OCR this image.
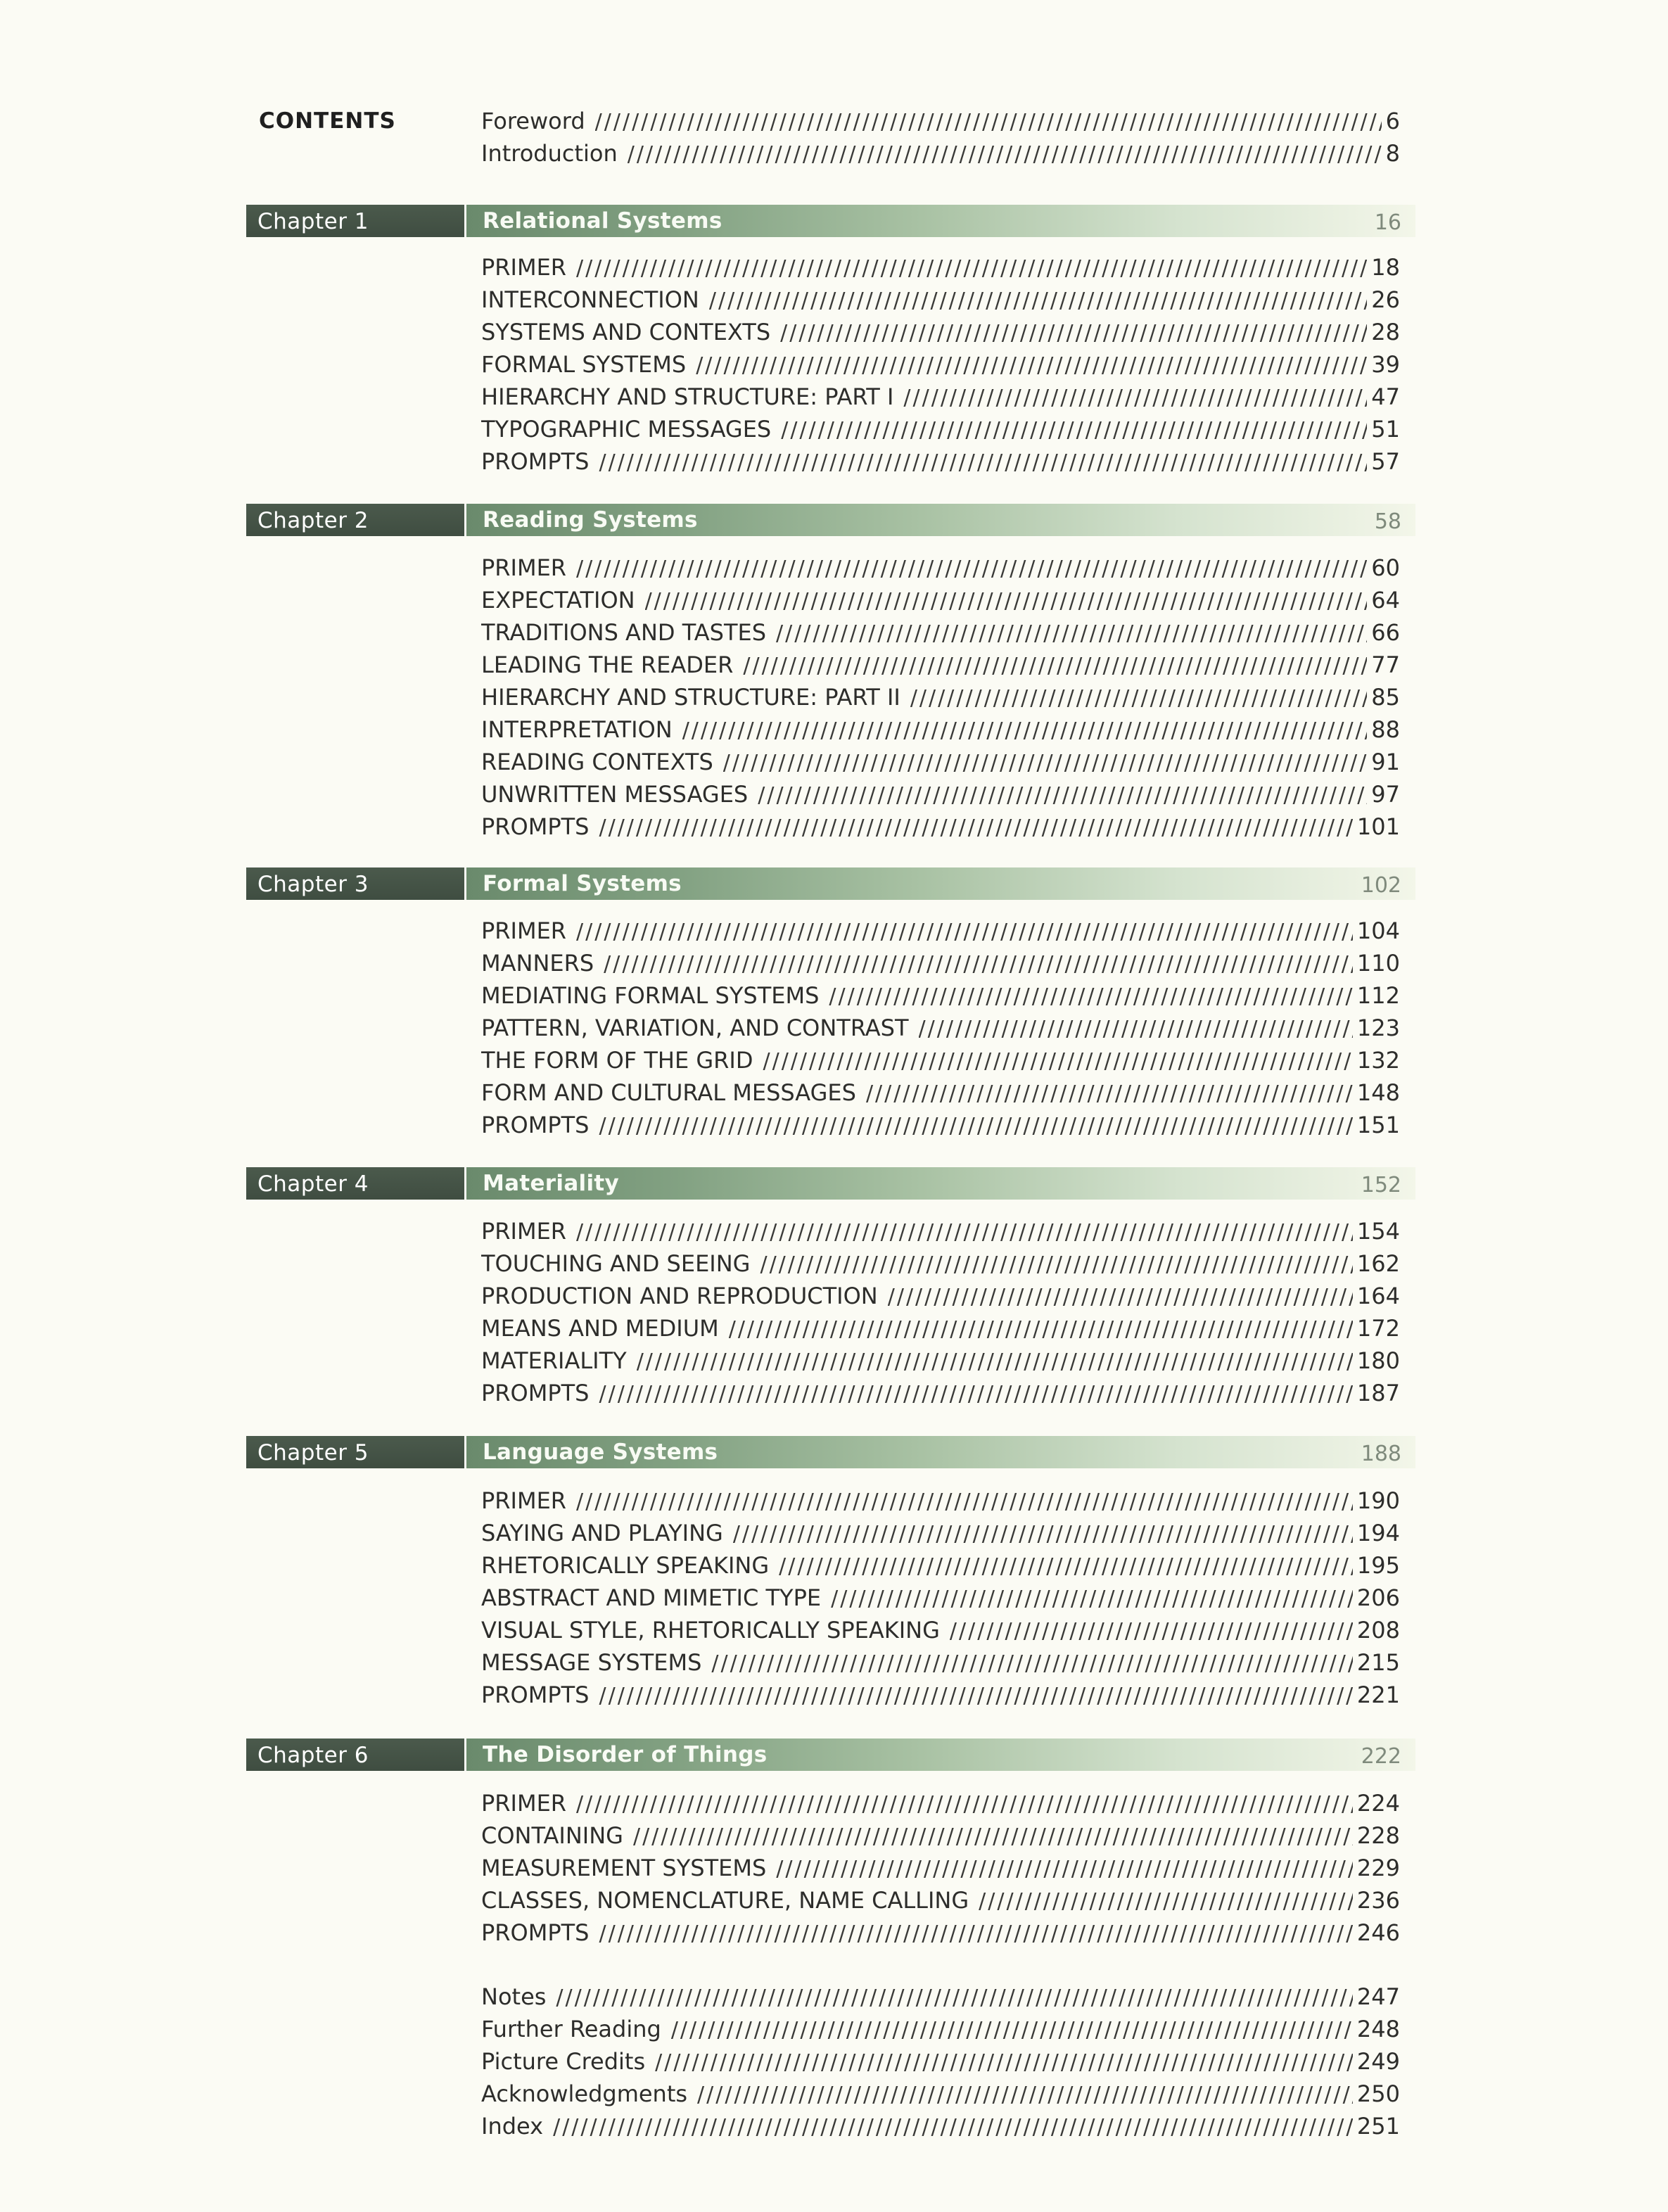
CONTENTS	Foreword ////////////////////////////////////////////////////////////////////////////////////////////////////////////////////////////////////////////////////	6
Introduction ////////////////////////////////////////////////////////////////////////////////////////////////////////////////////////////////////////////////////	8
Chapter 1	Relational Systems	16
PRIMER ////////////////////////////////////////////////////////////////////////////////////////////////////////////////////////////////////////////////////	18
INTERCONNECTION ////////////////////////////////////////////////////////////////////////////////////////////////////////////////////////////////////////////////////	26
SYSTEMS AND CONTEXTS ////////////////////////////////////////////////////////////////////////////////////////////////////////////////////////////////////////////////////	28
FORMAL SYSTEMS ////////////////////////////////////////////////////////////////////////////////////////////////////////////////////////////////////////////////////	39
HIERARCHY AND STRUCTURE: PART I ////////////////////////////////////////////////////////////////////////////////////////////////////////////////////////////////////////////////////	47
TYPOGRAPHIC MESSAGES ////////////////////////////////////////////////////////////////////////////////////////////////////////////////////////////////////////////////////	51
PROMPTS ////////////////////////////////////////////////////////////////////////////////////////////////////////////////////////////////////////////////////	57
Chapter 2	Reading Systems	58
PRIMER ////////////////////////////////////////////////////////////////////////////////////////////////////////////////////////////////////////////////////	60
EXPECTATION ////////////////////////////////////////////////////////////////////////////////////////////////////////////////////////////////////////////////////	64
TRADITIONS AND TASTES ////////////////////////////////////////////////////////////////////////////////////////////////////////////////////////////////////////////////////	66
LEADING THE READER ////////////////////////////////////////////////////////////////////////////////////////////////////////////////////////////////////////////////////	77
HIERARCHY AND STRUCTURE: PART II ////////////////////////////////////////////////////////////////////////////////////////////////////////////////////////////////////////////////////	85
INTERPRETATION ////////////////////////////////////////////////////////////////////////////////////////////////////////////////////////////////////////////////////	88
READING CONTEXTS ////////////////////////////////////////////////////////////////////////////////////////////////////////////////////////////////////////////////////	91
UNWRITTEN MESSAGES ////////////////////////////////////////////////////////////////////////////////////////////////////////////////////////////////////////////////////	97
PROMPTS ////////////////////////////////////////////////////////////////////////////////////////////////////////////////////////////////////////////////////	101
Chapter 3	Formal Systems	102
PRIMER ////////////////////////////////////////////////////////////////////////////////////////////////////////////////////////////////////////////////////	104
MANNERS ////////////////////////////////////////////////////////////////////////////////////////////////////////////////////////////////////////////////////	110
MEDIATING FORMAL SYSTEMS ////////////////////////////////////////////////////////////////////////////////////////////////////////////////////////////////////////////////////	112
PATTERN, VARIATION, AND CONTRAST ////////////////////////////////////////////////////////////////////////////////////////////////////////////////////////////////////////////////////	123
THE FORM OF THE GRID ////////////////////////////////////////////////////////////////////////////////////////////////////////////////////////////////////////////////////	132
FORM AND CULTURAL MESSAGES ////////////////////////////////////////////////////////////////////////////////////////////////////////////////////////////////////////////////////	148
PROMPTS ////////////////////////////////////////////////////////////////////////////////////////////////////////////////////////////////////////////////////	151
Chapter 4	Materiality	152
PRIMER ////////////////////////////////////////////////////////////////////////////////////////////////////////////////////////////////////////////////////	154
TOUCHING AND SEEING ////////////////////////////////////////////////////////////////////////////////////////////////////////////////////////////////////////////////////	162
PRODUCTION AND REPRODUCTION ////////////////////////////////////////////////////////////////////////////////////////////////////////////////////////////////////////////////////	164
MEANS AND MEDIUM ////////////////////////////////////////////////////////////////////////////////////////////////////////////////////////////////////////////////////	172
MATERIALITY ////////////////////////////////////////////////////////////////////////////////////////////////////////////////////////////////////////////////////	180
PROMPTS ////////////////////////////////////////////////////////////////////////////////////////////////////////////////////////////////////////////////////	187
Chapter 5	Language Systems	188
PRIMER ////////////////////////////////////////////////////////////////////////////////////////////////////////////////////////////////////////////////////	190
SAYING AND PLAYING ////////////////////////////////////////////////////////////////////////////////////////////////////////////////////////////////////////////////////	194
RHETORICALLY SPEAKING ////////////////////////////////////////////////////////////////////////////////////////////////////////////////////////////////////////////////////	195
ABSTRACT AND MIMETIC TYPE ////////////////////////////////////////////////////////////////////////////////////////////////////////////////////////////////////////////////////	206
VISUAL STYLE, RHETORICALLY SPEAKING ////////////////////////////////////////////////////////////////////////////////////////////////////////////////////////////////////////////////////	208
MESSAGE SYSTEMS ////////////////////////////////////////////////////////////////////////////////////////////////////////////////////////////////////////////////////	215
PROMPTS ////////////////////////////////////////////////////////////////////////////////////////////////////////////////////////////////////////////////////	221
Chapter 6	The Disorder of Things	222
PRIMER ////////////////////////////////////////////////////////////////////////////////////////////////////////////////////////////////////////////////////	224
CONTAINING ////////////////////////////////////////////////////////////////////////////////////////////////////////////////////////////////////////////////////	228
MEASUREMENT SYSTEMS ////////////////////////////////////////////////////////////////////////////////////////////////////////////////////////////////////////////////////	229
CLASSES, NOMENCLATURE, NAME CALLING ////////////////////////////////////////////////////////////////////////////////////////////////////////////////////////////////////////////////////	236
PROMPTS ////////////////////////////////////////////////////////////////////////////////////////////////////////////////////////////////////////////////////	246
Notes ////////////////////////////////////////////////////////////////////////////////////////////////////////////////////////////////////////////////////	247
Further Reading ////////////////////////////////////////////////////////////////////////////////////////////////////////////////////////////////////////////////////	248
Picture Credits ////////////////////////////////////////////////////////////////////////////////////////////////////////////////////////////////////////////////////	249
Acknowledgments ////////////////////////////////////////////////////////////////////////////////////////////////////////////////////////////////////////////////////	250
Index ////////////////////////////////////////////////////////////////////////////////////////////////////////////////////////////////////////////////////	251
